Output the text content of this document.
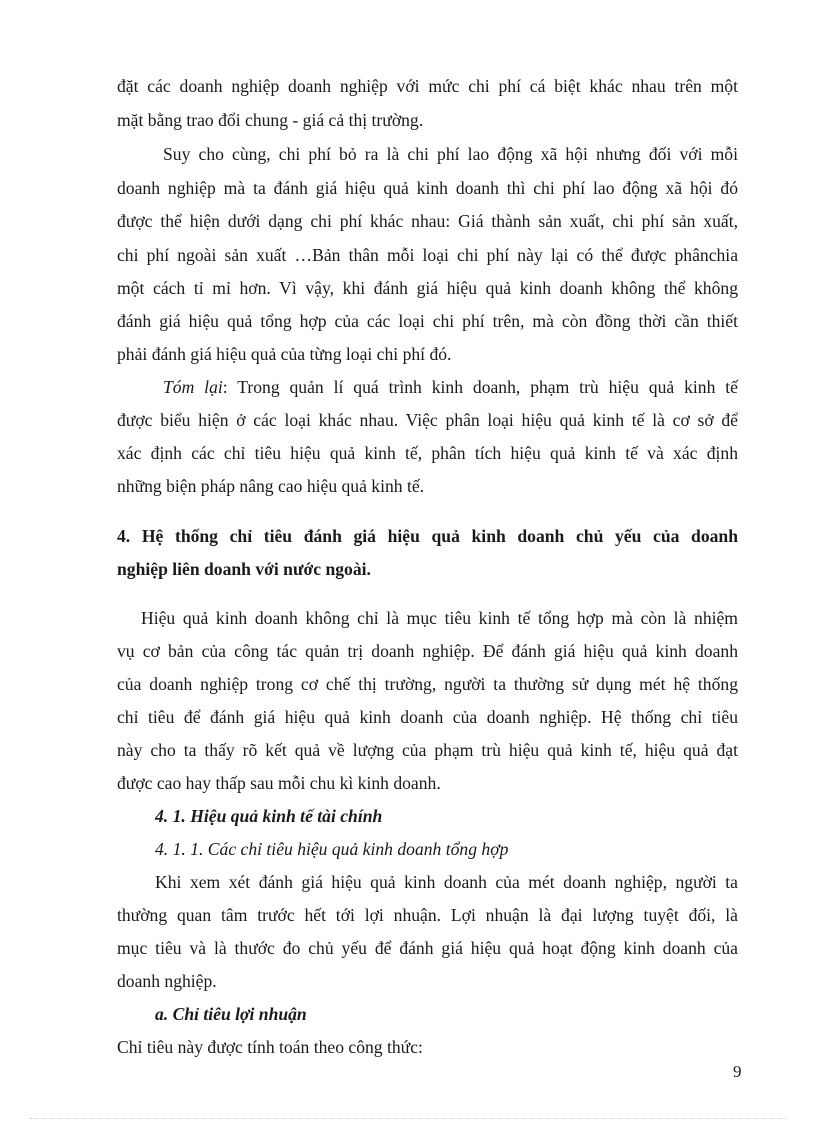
đặt các doanh nghiệp doanh nghiệp với mức chi phí cá biệt khác nhau trên một
mặt bằng trao đổi chung - giá cả thị trường.
Suy cho cùng, chi phí bỏ ra là chi phí lao động xã hội nhưng đối với mỗi
doanh nghiệp mà ta đánh giá hiệu quả kinh doanh thì chi phí lao động xã hội đó
được thể hiện dưới dạng chi phí khác nhau: Giá thành sản xuất, chi phí sản xuất,
chi phí ngoài sản xuất …Bản thân mỗi loại chi phí này lại có thể được phânchia
một cách tỉ mỉ hơn. Vì vậy, khi đánh giá hiệu quả kinh doanh không thể không
đánh giá hiệu quả tổng hợp của các loại chi phí trên, mà còn đồng thời cần thiết
phải đánh giá hiệu quả của từng loại chi phí đó.
Tóm lại: Trong quản lí quá trình kinh doanh, phạm trù hiệu quả kinh tế
được biểu hiện ở các loại khác nhau. Việc phân loại hiệu quả kinh tế là cơ sở để
xác định các chỉ tiêu hiệu quả kinh tế, phân tích hiệu quả kinh tế và xác định
những biện pháp nâng cao hiệu quả kinh tế.
4. Hệ thống chỉ tiêu đánh giá hiệu quả kinh doanh chủ yếu của doanh
nghiệp liên doanh với nước ngoài.
Hiệu quả kinh doanh không chỉ là mục tiêu kinh tế tổng hợp mà còn là nhiệm
vụ cơ bản của công tác quản trị doanh nghiệp. Để đánh giá hiệu quả kinh doanh
của doanh nghiệp trong cơ chế thị trường, người ta thường sử dụng mét hệ thống
chỉ tiêu để đánh giá hiệu quả kinh doanh của doanh nghiệp. Hệ thống chỉ tiêu
này cho ta thấy rõ kết quả về lượng của phạm trù hiệu quả kinh tế, hiệu quả đạt
được cao hay thấp sau mỗi chu kì kinh doanh.
4. 1. Hiệu quả kinh tế tài chính
4. 1. 1. Các chỉ tiêu hiệu quả kinh doanh tổng hợp
Khi xem xét đánh giá hiệu quả kinh doanh của mét doanh nghiệp, người ta
thường quan tâm trước hết tới lợi nhuận. Lợi nhuận là đại lượng tuyệt đối, là
mục tiêu và là thước đo chủ yếu để đánh giá hiệu quả hoạt động kinh doanh của
doanh nghiệp.
a. Chỉ tiêu lợi nhuận
Chỉ tiêu này được tính toán theo công thức:
9
